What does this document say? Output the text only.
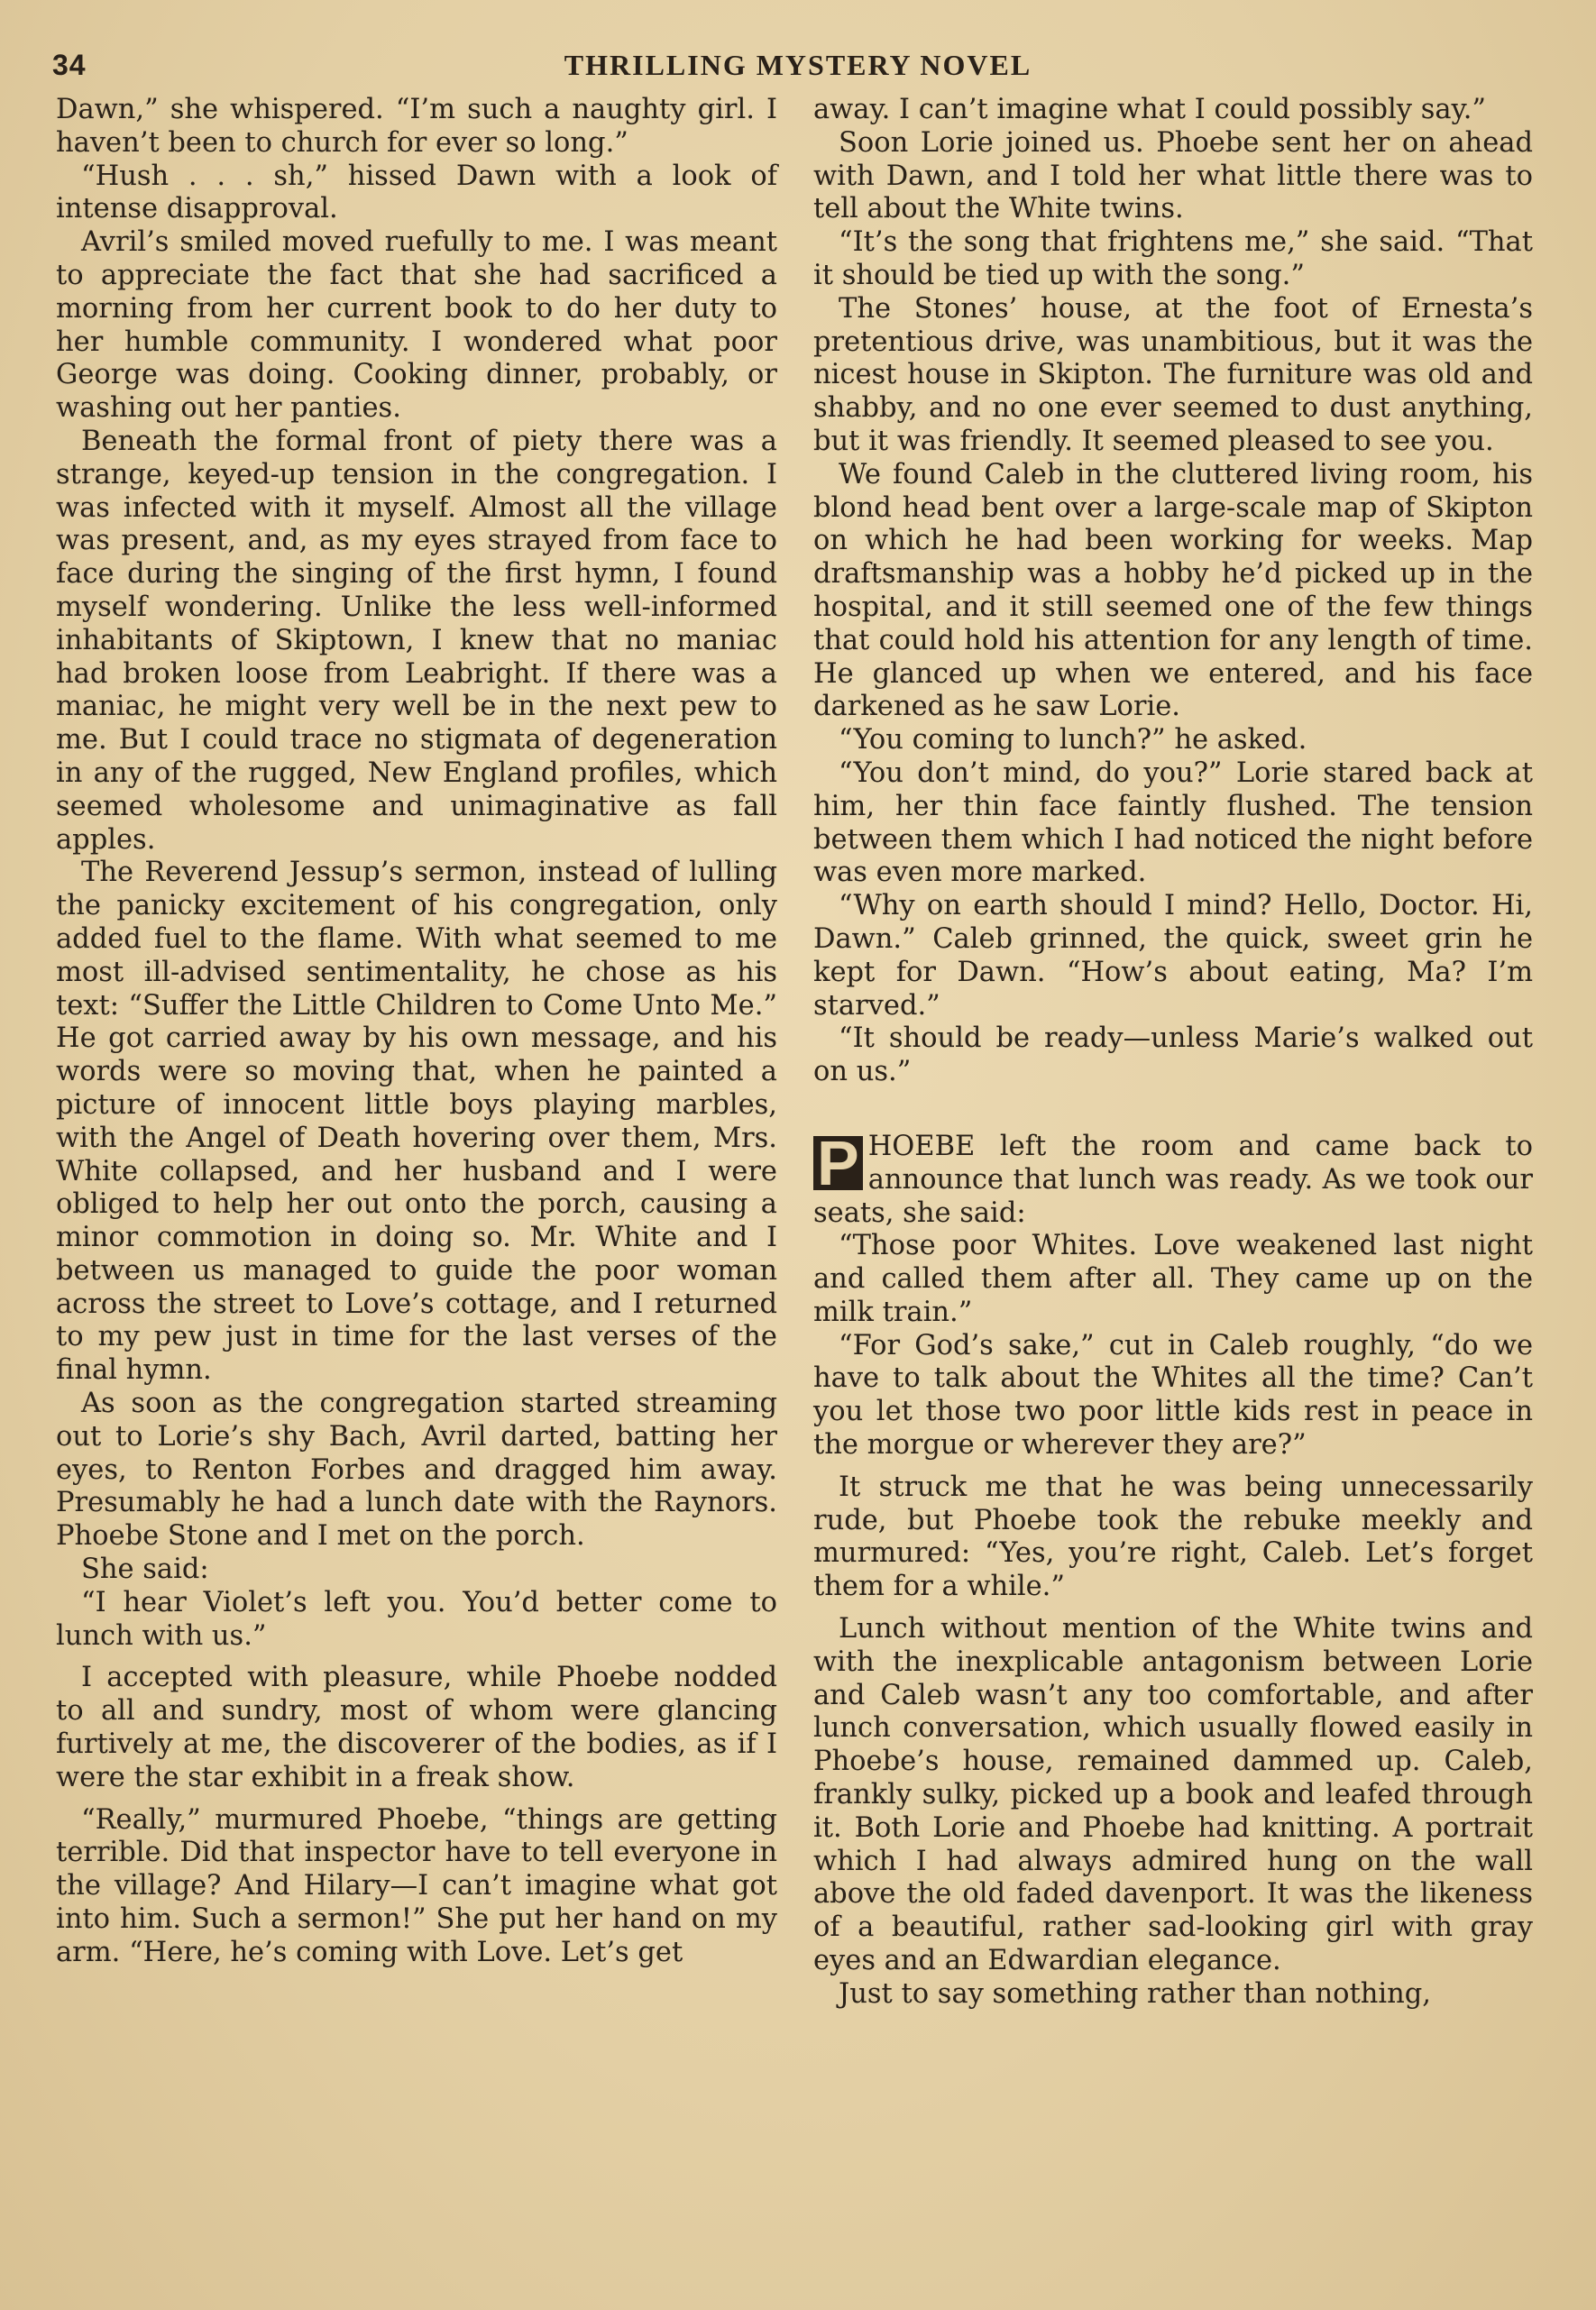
34	THRILLING MYSTERY NOVEL

Dawn,” she whispered. “I’m such a naughty girl. I haven’t been to church for ever so long.”

“Hush . . . sh,” hissed Dawn with a look of intense disapproval.

Avril’s smiled moved ruefully to me. I was meant to appreciate the fact that she had sacrificed a morning from her current book to do her duty to her humble community. I wondered what poor George was doing. Cooking dinner, probably, or washing out her panties.

Beneath the formal front of piety there was a strange, keyed-up tension in the congregation. I was infected with it myself. Almost all the village was present, and, as my eyes strayed from face to face during the singing of the first hymn, I found myself wondering. Unlike the less well-informed inhabitants of Skiptown, I knew that no maniac had broken loose from Leabright. If there was a maniac, he might very well be in the next pew to me. But I could trace no stigmata of degeneration in any of the rugged, New England profiles, which seemed wholesome and unimaginative as fall apples.

The Reverend Jessup’s sermon, instead of lulling the panicky excitement of his congregation, only added fuel to the flame. With what seemed to me most ill-advised sentimentality, he chose as his text: “Suffer the Little Children to Come Unto Me.” He got carried away by his own message, and his words were so moving that, when he painted a picture of innocent little boys playing marbles, with the Angel of Death hovering over them, Mrs. White collapsed, and her husband and I were obliged to help her out onto the porch, causing a minor commotion in doing so. Mr. White and I between us managed to guide the poor woman across the street to Love’s cottage, and I returned to my pew just in time for the last verses of the final hymn.

As soon as the congregation started streaming out to Lorie’s shy Bach, Avril darted, batting her eyes, to Renton Forbes and dragged him away. Presumably he had a lunch date with the Raynors. Phoebe Stone and I met on the porch.

She said:

“I hear Violet’s left you. You’d better come to lunch with us.”

I accepted with pleasure, while Phoebe nodded to all and sundry, most of whom were glancing furtively at me, the discoverer of the bodies, as if I were the star exhibit in a freak show.

“Really,” murmured Phoebe, “things are getting terrible. Did that inspector have to tell everyone in the village? And Hilary—I can’t imagine what got into him. Such a sermon!” She put her hand on my arm. “Here, he’s coming with Love. Let’s get

away. I can’t imagine what I could possibly say.”

Soon Lorie joined us. Phoebe sent her on ahead with Dawn, and I told her what little there was to tell about the White twins.

“It’s the song that frightens me,” she said. “That it should be tied up with the song.”

The Stones’ house, at the foot of Ernesta’s pretentious drive, was unambitious, but it was the nicest house in Skipton. The furniture was old and shabby, and no one ever seemed to dust anything, but it was friendly. It seemed pleased to see you.

We found Caleb in the cluttered living room, his blond head bent over a large-scale map of Skipton on which he had been working for weeks. Map draftsmanship was a hobby he’d picked up in the hospital, and it still seemed one of the few things that could hold his attention for any length of time. He glanced up when we entered, and his face darkened as he saw Lorie.

“You coming to lunch?” he asked.

“You don’t mind, do you?” Lorie stared back at him, her thin face faintly flushed. The tension between them which I had noticed the night before was even more marked.

“Why on earth should I mind? Hello, Doctor. Hi, Dawn.” Caleb grinned, the quick, sweet grin he kept for Dawn. “How’s about eating, Ma? I’m starved.”

“It should be ready—unless Marie’s walked out on us.”

P HOEBE left the room and came back to announce that lunch was ready. As we took our seats, she said:

“Those poor Whites. Love weakened last night and called them after all. They came up on the milk train.”

“For God’s sake,” cut in Caleb roughly, “do we have to talk about the Whites all the time? Can’t you let those two poor little kids rest in peace in the morgue or wherever they are?”

It struck me that he was being unnecessarily rude, but Phoebe took the rebuke meekly and murmured: “Yes, you’re right, Caleb. Let’s forget them for a while.”

Lunch without mention of the White twins and with the inexplicable antagonism between Lorie and Caleb wasn’t any too comfortable, and after lunch conversation, which usually flowed easily in Phoebe’s house, remained dammed up. Caleb, frankly sulky, picked up a book and leafed through it. Both Lorie and Phoebe had knitting. A portrait which I had always admired hung on the wall above the old faded davenport. It was the likeness of a beautiful, rather sad-looking girl with gray eyes and an Edwardian elegance.

Just to say something rather than nothing,
